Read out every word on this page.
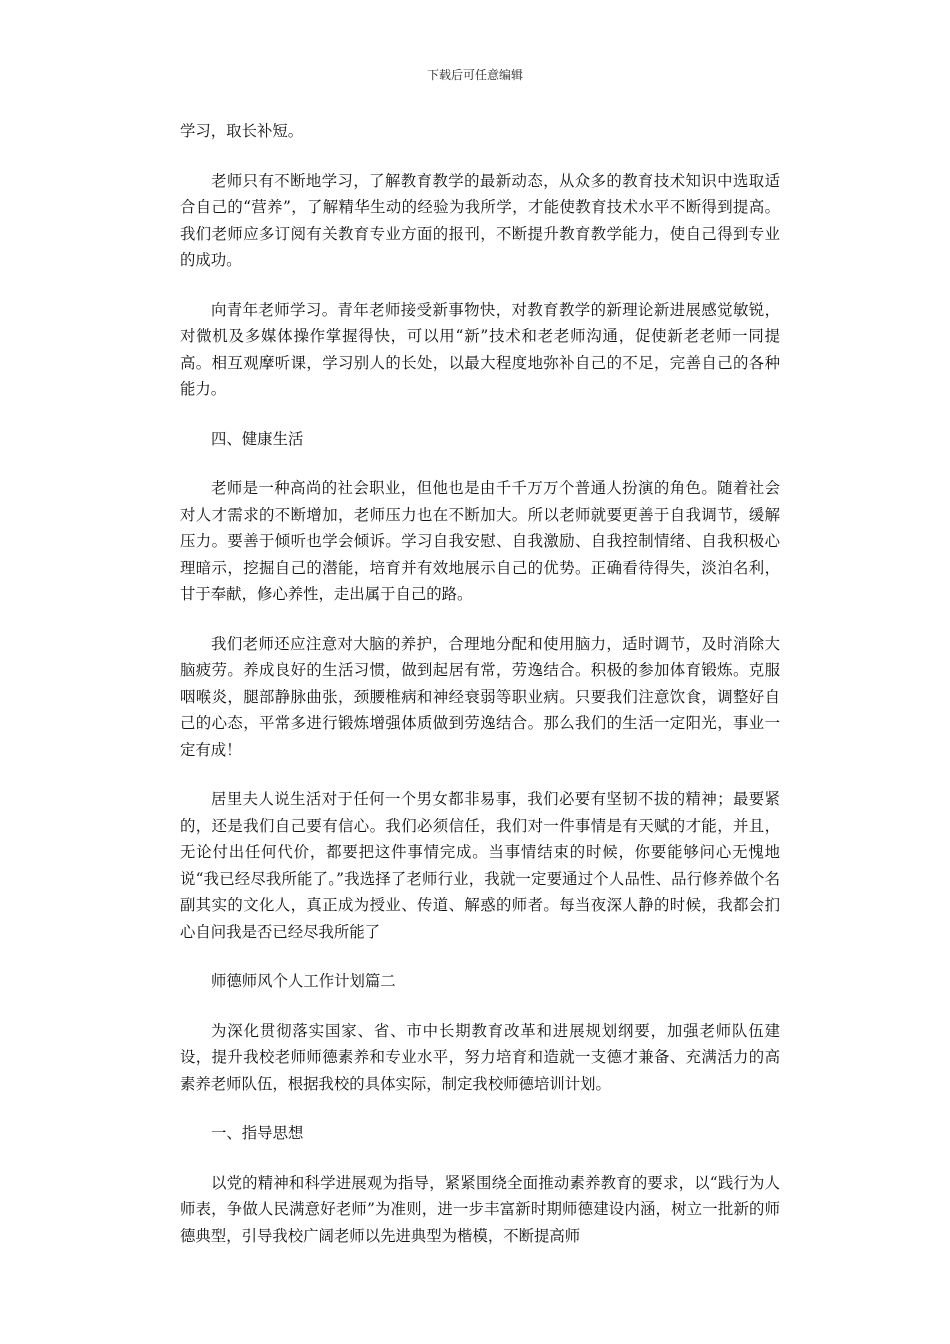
下载后可任意编辑

学习，取长补短。

老师只有不断地学习，了解教育教学的最新动态，从众多的教育技术知识中选取适合自己的“营养”，了解精华生动的经验为我所学，才能使教育技术水平不断得到提高。我们老师应多订阅有关教育专业方面的报刊，不断提升教育教学能力，使自己得到专业的成功。

向青年老师学习。青年老师接受新事物快，对教育教学的新理论新进展感觉敏锐，对微机及多媒体操作掌握得快，可以用“新”技术和老老师沟通，促使新老老师一同提高。相互观摩听课，学习别人的长处，以最大程度地弥补自己的不足，完善自己的各种能力。

四、健康生活

老师是一种高尚的社会职业，但他也是由千千万万个普通人扮演的角色。随着社会对人才需求的不断增加，老师压力也在不断加大。所以老师就要更善于自我调节，缓解压力。要善于倾听也学会倾诉。学习自我安慰、自我激励、自我控制情绪、自我积极心理暗示，挖掘自己的潜能，培育并有效地展示自己的优势。正确看待得失，淡泊名利，甘于奉献，修心养性，走出属于自己的路。

我们老师还应注意对大脑的养护，合理地分配和使用脑力，适时调节，及时消除大脑疲劳。养成良好的生活习惯，做到起居有常，劳逸结合。积极的参加体育锻炼。克服咽喉炎，腿部静脉曲张，颈腰椎病和神经衰弱等职业病。只要我们注意饮食，调整好自己的心态，平常多进行锻炼增强体质做到劳逸结合。那么我们的生活一定阳光，事业一定有成！

居里夫人说生活对于任何一个男女都非易事，我们必要有坚韧不拔的精神；最要紧的，还是我们自己要有信心。我们必须信任，我们对一件事情是有天赋的才能，并且，无论付出任何代价，都要把这件事情完成。当事情结束的时候，你要能够问心无愧地说“我已经尽我所能了。”我选择了老师行业，我就一定要通过个人品性、品行修养做个名副其实的文化人，真正成为授业、传道、解惑的师者。每当夜深人静的时候，我都会扪心自问我是否已经尽我所能了

师德师风个人工作计划篇二

为深化贯彻落实国家、省、市中长期教育改革和进展规划纲要，加强老师队伍建设，提升我校老师师德素养和专业水平，努力培育和造就一支德才兼备、充满活力的高素养老师队伍，根据我校的具体实际，制定我校师德培训计划。

一、指导思想

以党的精神和科学进展观为指导，紧紧围绕全面推动素养教育的要求，以“践行为人师表，争做人民满意好老师”为准则，进一步丰富新时期师德建设内涵，树立一批新的师德典型，引导我校广阔老师以先进典型为楷模，不断提高师
